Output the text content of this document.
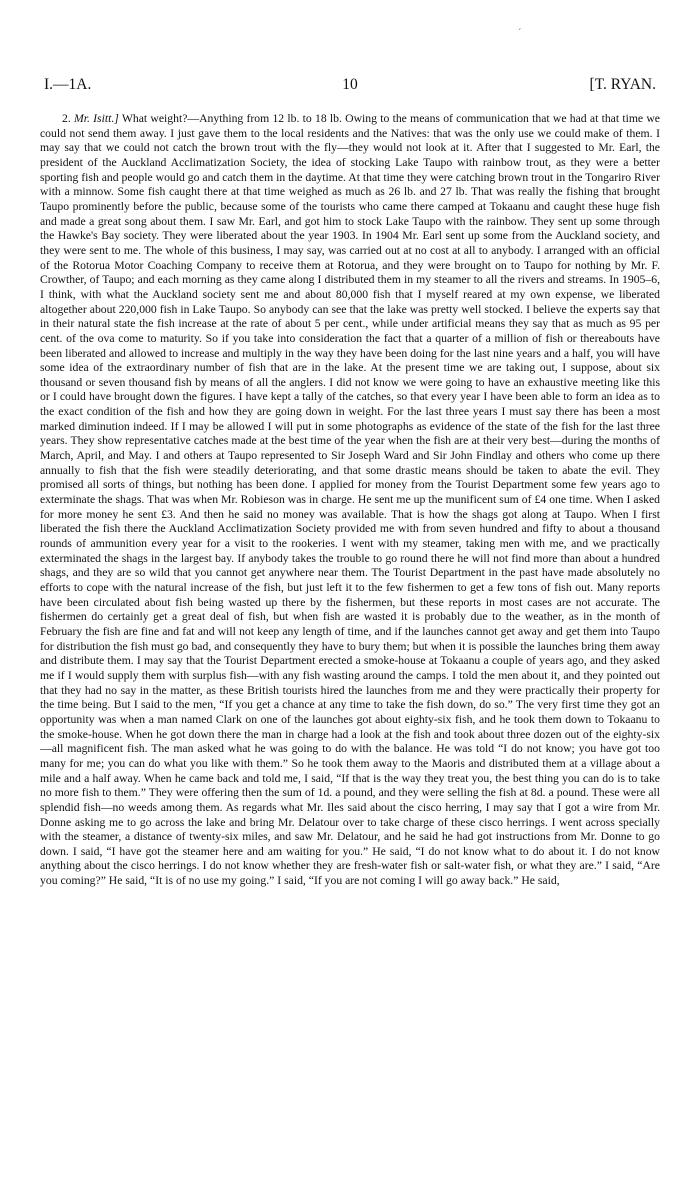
´
I.—1A.	10	[T. RYAN.

2. Mr. Isitt.] What weight?—Anything from 12 lb. to 18 lb. Owing to the means of communication that we had at that time we could not send them away. I just gave them to the local residents and the Natives: that was the only use we could make of them. I may say that we could not catch the brown trout with the fly—they would not look at it. After that I suggested to Mr. Earl, the president of the Auckland Acclimatization Society, the idea of stocking Lake Taupo with rainbow trout, as they were a better sporting fish and people would go and catch them in the daytime. At that time they were catching brown trout in the Tongariro River with a minnow. Some fish caught there at that time weighed as much as 26 lb. and 27 lb. That was really the fishing that brought Taupo prominently before the public, because some of the tourists who came there camped at Tokaanu and caught these huge fish and made a great song about them. I saw Mr. Earl, and got him to stock Lake Taupo with the rainbow. They sent up some through the Hawke's Bay society. They were liberated about the year 1903. In 1904 Mr. Earl sent up some from the Auckland society, and they were sent to me. The whole of this business, I may say, was carried out at no cost at all to anybody. I arranged with an official of the Rotorua Motor Coaching Company to receive them at Rotorua, and they were brought on to Taupo for nothing by Mr. F. Crowther, of Taupo; and each morning as they came along I distributed them in my steamer to all the rivers and streams. In 1905–6, I think, with what the Auckland society sent me and about 80,000 fish that I myself reared at my own expense, we liberated altogether about 220,000 fish in Lake Taupo. So anybody can see that the lake was pretty well stocked. I believe the experts say that in their natural state the fish increase at the rate of about 5 per cent., while under artificial means they say that as much as 95 per cent. of the ova come to maturity. So if you take into consideration the fact that a quarter of a million of fish or thereabouts have been liberated and allowed to increase and multiply in the way they have been doing for the last nine years and a half, you will have some idea of the extraordinary number of fish that are in the lake. At the present time we are taking out, I suppose, about six thousand or seven thousand fish by means of all the anglers. I did not know we were going to have an exhaustive meeting like this or I could have brought down the figures. I have kept a tally of the catches, so that every year I have been able to form an idea as to the exact condition of the fish and how they are going down in weight. For the last three years I must say there has been a most marked diminution indeed. If I may be allowed I will put in some photographs as evidence of the state of the fish for the last three years. They show representative catches made at the best time of the year when the fish are at their very best—during the months of March, April, and May. I and others at Taupo represented to Sir Joseph Ward and Sir John Findlay and others who come up there annually to fish that the fish were steadily deteriorating, and that some drastic means should be taken to abate the evil. They promised all sorts of things, but nothing has been done. I applied for money from the Tourist Department some few years ago to exterminate the shags. That was when Mr. Robieson was in charge. He sent me up the munificent sum of £4 one time. When I asked for more money he sent £3. And then he said no money was available. That is how the shags got along at Taupo. When I first liberated the fish there the Auckland Acclimatization Society provided me with from seven hundred and fifty to about a thousand rounds of ammunition every year for a visit to the rookeries. I went with my steamer, taking men with me, and we practically exterminated the shags in the largest bay. If anybody takes the trouble to go round there he will not find more than about a hundred shags, and they are so wild that you cannot get anywhere near them. The Tourist Department in the past have made absolutely no efforts to cope with the natural increase of the fish, but just left it to the few fishermen to get a few tons of fish out. Many reports have been circulated about fish being wasted up there by the fishermen, but these reports in most cases are not accurate. The fishermen do certainly get a great deal of fish, but when fish are wasted it is probably due to the weather, as in the month of February the fish are fine and fat and will not keep any length of time, and if the launches cannot get away and get them into Taupo for distribution the fish must go bad, and consequently they have to bury them; but when it is possible the launches bring them away and distribute them. I may say that the Tourist Department erected a smoke-house at Tokaanu a couple of years ago, and they asked me if I would supply them with surplus fish—with any fish wasting around the camps. I told the men about it, and they pointed out that they had no say in the matter, as these British tourists hired the launches from me and they were practically their property for the time being. But I said to the men, “If you get a chance at any time to take the fish down, do so.” The very first time they got an opportunity was when a man named Clark on one of the launches got about eighty-six fish, and he took them down to Tokaanu to the smoke-house. When he got down there the man in charge had a look at the fish and took about three dozen out of the eighty-six—all magnificent fish. The man asked what he was going to do with the balance. He was told “I do not know; you have got too many for me; you can do what you like with them.” So he took them away to the Maoris and distributed them at a village about a mile and a half away. When he came back and told me, I said, “If that is the way they treat you, the best thing you can do is to take no more fish to them.” They were offering then the sum of 1d. a pound, and they were selling the fish at 8d. a pound. These were all splendid fish—no weeds among them. As regards what Mr. Iles said about the cisco herring, I may say that I got a wire from Mr. Donne asking me to go across the lake and bring Mr. Delatour over to take charge of these cisco herrings. I went across specially with the steamer, a distance of twenty-six miles, and saw Mr. Delatour, and he said he had got instructions from Mr. Donne to go down. I said, “I have got the steamer here and am waiting for you.” He said, “I do not know what to do about it. I do not know anything about the cisco herrings. I do not know whether they are fresh-water fish or salt-water fish, or what they are.” I said, “Are you coming?” He said, “It is of no use my going.” I said, “If you are not coming I will go away back.” He said,
